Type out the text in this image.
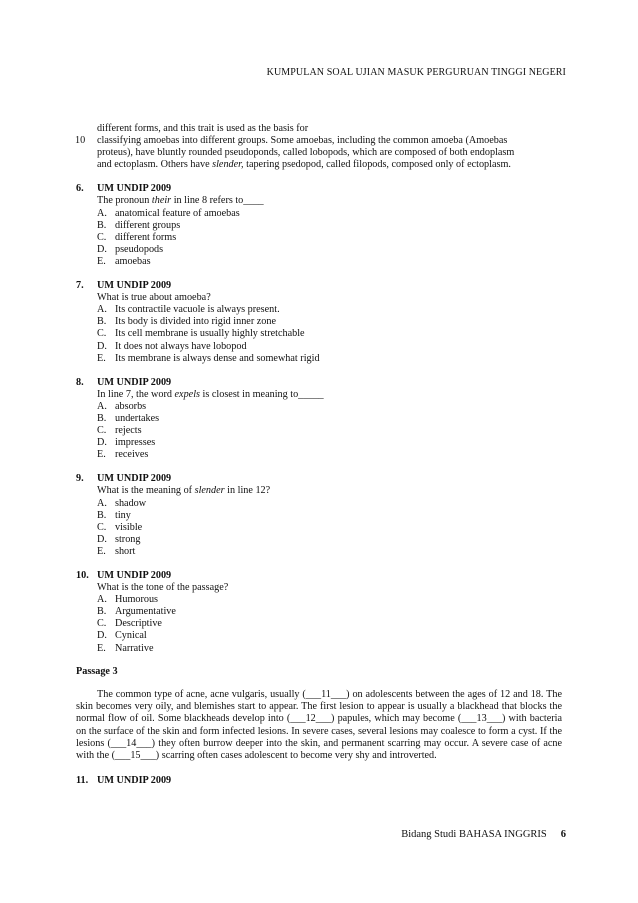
KUMPULAN SOAL UJIAN MASUK PERGURUAN TINGGI NEGERI
different forms, and this trait is used as the basis for
10 classifying amoebas into different groups. Some amoebas, including the common amoeba (Amoebas
proteus), have bluntly rounded pseudoponds, called lobopods, which are composed of both endoplasm
and ectoplasm. Others have slender, tapering psedopod, called filopods, composed only of ectoplasm.
6. UM UNDIP 2009
The pronoun their in line 8 refers to____
A. anatomical feature of amoebas
B. different groups
C. different forms
D. pseudopods
E. amoebas
7. UM UNDIP 2009
What is true about amoeba?
A. Its contractile vacuole is always present.
B. Its body is divided into rigid inner zone
C. Its cell membrane is usually highly stretchable
D. It does not always have lobopod
E. Its membrane is always dense and somewhat rigid
8. UM UNDIP 2009
In line 7, the word expels is closest in meaning to_____
A. absorbs
B. undertakes
C. rejects
D. impresses
E. receives
9. UM UNDIP 2009
What is the meaning of slender in line 12?
A. shadow
B. tiny
C. visible
D. strong
E. short
10. UM UNDIP 2009
What is the tone of the passage?
A. Humorous
B. Argumentative
C. Descriptive
D. Cynical
E. Narrative
Passage 3
The common type of acne, acne vulgaris, usually (___11___) on adolescents between the ages of 12 and 18. The skin becomes very oily, and blemishes start to appear. The first lesion to appear is usually a blackhead that blocks the normal flow of oil. Some blackheads develop into (___12___) papules, which may become (___13___) with bacteria on the surface of the skin and form infected lesions. In severe cases, several lesions may coalesce to form a cyst. If the lesions (___14___) they often burrow deeper into the skin, and permanent scarring may occur. A severe case of acne with the (___15___) scarring often cases adolescent to become very shy and introverted.
11. UM UNDIP 2009
Bidang Studi BAHASA INGGRIS 6
